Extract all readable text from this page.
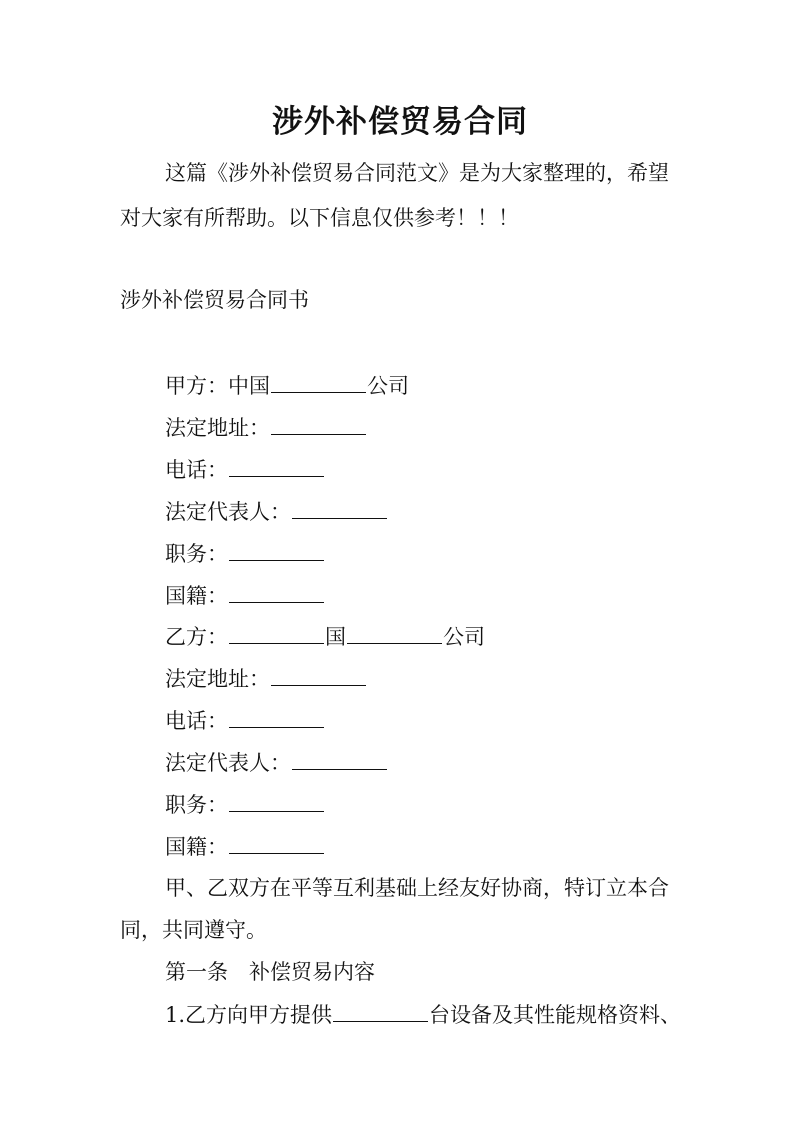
涉外补偿贸易合同
这篇《涉外补偿贸易合同范文》是为大家整理的，希望
对大家有所帮助。以下信息仅供参考！！！
涉外补偿贸易合同书
甲方：中国	公司
法定地址：
电话：
法定代表人：
职务：
国籍：
乙方：	国	公司
法定地址：
电话：
法定代表人：
职务：
国籍：
甲、乙双方在平等互利基础上经友好协商，特订立本合
同，共同遵守。
第一条　补偿贸易内容
1.乙方向甲方提供	台设备及其性能规格资料、
